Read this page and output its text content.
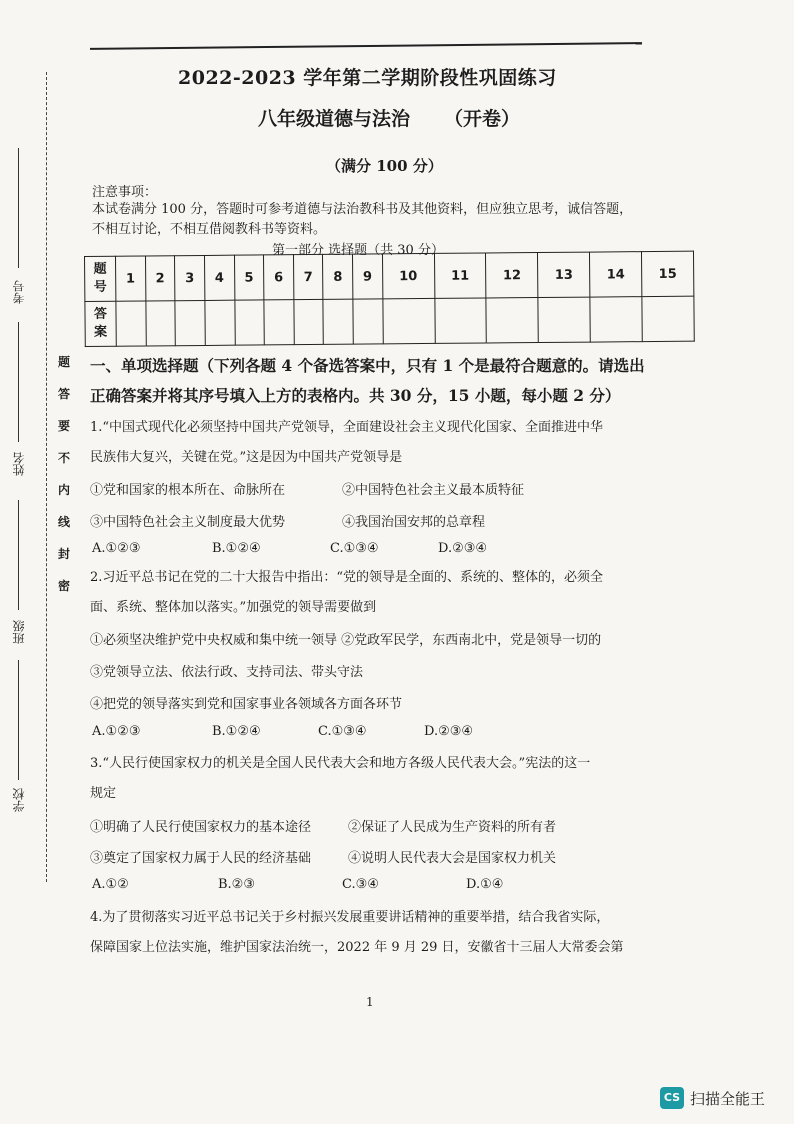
2022-2023 学年第二学期阶段性巩固练习
八年级道德与法治 （开卷）
（满分 100 分）
注意事项：
本试卷满分 100 分，答题时可参考道德与法治教科书及其他资料，但应独立思考，诚信答题，
不相互讨论，不相互借阅教科书等资料。
第一部分 选择题（共 30 分）
题号	1	2	3	4	5	6	7	8	9	10	11	12	13	14	15
答案															
一、单项选择题（下列各题 4 个备选答案中，只有 1 个是最符合题意的。请选出
正确答案并将其序号填入上方的表格内。共 30 分，15 小题，每小题 2 分）
1.“中国式现代化必须坚持中国共产党领导，全面建设社会主义现代化国家、全面推进中华
民族伟大复兴，关键在党。”这是因为中国共产党领导是
①党和国家的根本所在、命脉所在	②中国特色社会主义最本质特征
③中国特色社会主义制度最大优势	④我国治国安邦的总章程
A.①②③	B.①②④	C.①③④	D.②③④
2.习近平总书记在党的二十大报告中指出：“党的领导是全面的、系统的、整体的，必须全
面、系统、整体加以落实。”加强党的领导需要做到
①必须坚决维护党中央权威和集中统一领导 ②党政军民学，东西南北中，党是领导一切的
③党领导立法、依法行政、支持司法、带头守法
④把党的领导落实到党和国家事业各领域各方面各环节
A.①②③	B.①②④	C.①③④	D.②③④
3.“人民行使国家权力的机关是全国人民代表大会和地方各级人民代表大会。”宪法的这一
规定
①明确了人民行使国家权力的基本途径	②保证了人民成为生产资料的所有者
③奠定了国家权力属于人民的经济基础	④说明人民代表大会是国家权力机关
A.①②	B.②③	C.③④	D.①④
4.为了贯彻落实习近平总书记关于乡村振兴发展重要讲话精神的重要举措，结合我省实际，
保障国家上位法实施，维护国家法治统一，2022 年 9 月 29 日，安徽省十三届人大常委会第
考号
姓名
班级
学校
题
答
要
不
内
线
封
密
1
CS 扫描全能王
